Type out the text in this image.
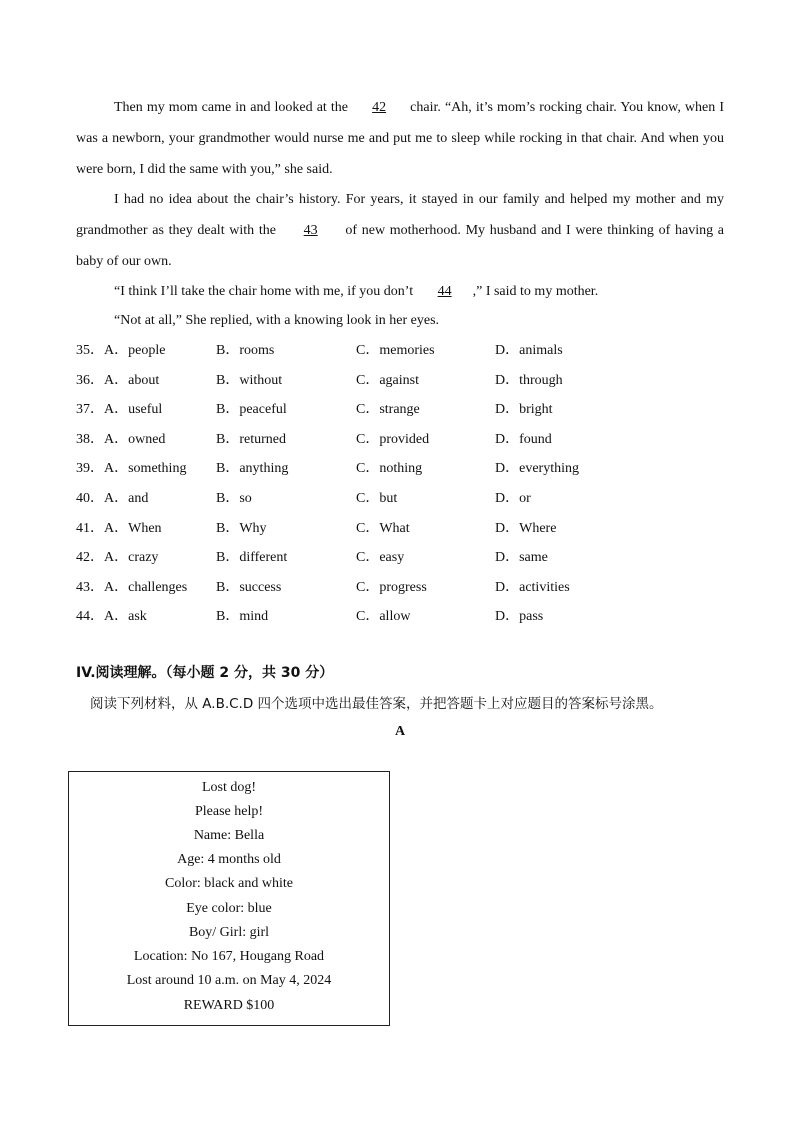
Then my mom came in and looked at the 42 chair. “Ah, it’s mom’s rocking chair. You know, when I was a newborn, your grandmother would nurse me and put me to sleep while rocking in that chair. And when you were born, I did the same with you,” she said.
I had no idea about the chair’s history. For years, it stayed in our family and helped my mother and my grandmother as they dealt with the 43 of new motherhood. My husband and I were thinking of having a baby of our own.
“I think I’ll take the chair home with me, if you don’t 44 ,” I said to my mother.
“Not at all,” She replied, with a knowing look in her eyes.
35． A．people	B．rooms	C．memories	D．animals
36． A．about	B．without	C．against	D．through
37． A．useful	B．peaceful	C．strange	D．bright
38． A．owned	B．returned	C．provided	D．found
39． A．something B．anything	C．nothing	D．everything
40． A．and	B．so	C．but	D．or
41． A．When	B．Why	C．What	D．Where
42． A．crazy	B．different	C．easy	D．same
43． A．challenges B．success	C．progress	D．activities
44． A．ask	B．mind	C．allow	D．pass
IV.阅读理解。（每小题 2 分，共 30 分）
阅读下列材料，从 A.B.C.D 四个选项中选出最佳答案，并把答题卡上对应题目的答案标号涂黑。
A
Lost dog!
Please help!
Name: Bella
Age: 4 months old
Color: black and white
Eye color: blue
Boy/ Girl: girl
Location: No 167, Hougang Road
Lost around 10 a.m. on May 4, 2024
REWARD $100
